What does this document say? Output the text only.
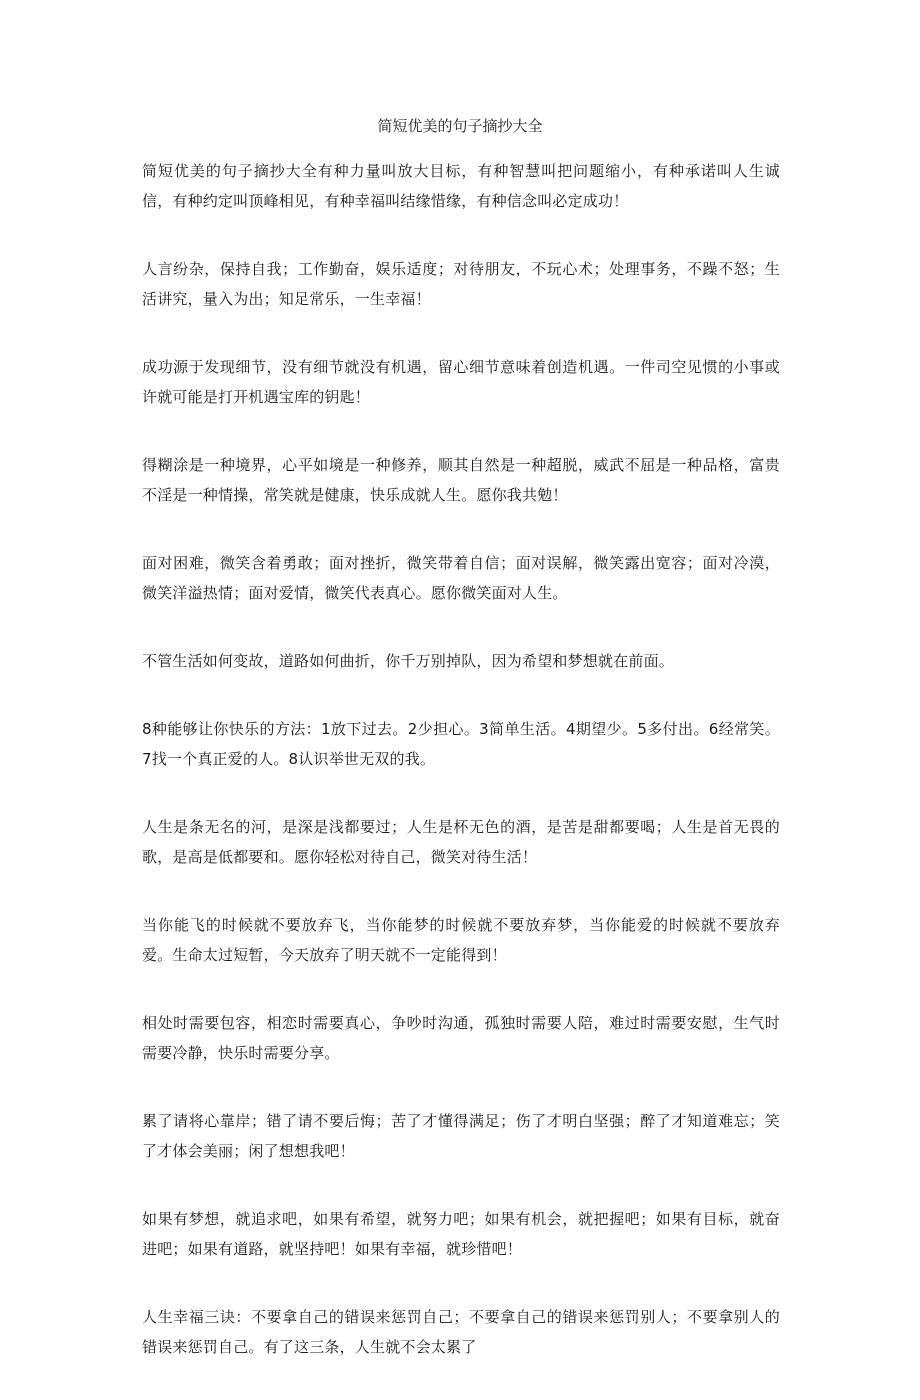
简短优美的句子摘抄大全

简短优美的句子摘抄大全有种力量叫放大目标，有种智慧叫把问题缩小，有种承诺叫人生诚信，有种约定叫顶峰相见，有种幸福叫结缘惜缘，有种信念叫必定成功！

人言纷杂，保持自我；工作勤奋，娱乐适度；对待朋友，不玩心术；处理事务，不躁不怒；生活讲究，量入为出；知足常乐，一生幸福！

成功源于发现细节，没有细节就没有机遇，留心细节意味着创造机遇。一件司空见惯的小事或许就可能是打开机遇宝库的钥匙！

得糊涂是一种境界，心平如境是一种修养，顺其自然是一种超脱，威武不屈是一种品格，富贵不淫是一种情操，常笑就是健康，快乐成就人生。愿你我共勉！

面对困难，微笑含着勇敢；面对挫折，微笑带着自信；面对误解，微笑露出宽容；面对冷漠，微笑洋溢热情；面对爱情，微笑代表真心。愿你微笑面对人生。

不管生活如何变故，道路如何曲折，你千万别掉队，因为希望和梦想就在前面。

8种能够让你快乐的方法：1放下过去。2少担心。3简单生活。4期望少。5多付出。6经常笑。7找一个真正爱的人。8认识举世无双的我。

人生是条无名的河，是深是浅都要过；人生是杯无色的酒，是苦是甜都要喝；人生是首无畏的歌，是高是低都要和。愿你轻松对待自己，微笑对待生活！

当你能飞的时候就不要放弃飞，当你能梦的时候就不要放弃梦，当你能爱的时候就不要放弃爱。生命太过短暂，今天放弃了明天就不一定能得到！

相处时需要包容，相恋时需要真心，争吵时沟通，孤独时需要人陪，难过时需要安慰，生气时需要冷静，快乐时需要分享。

累了请将心靠岸；错了请不要后悔；苦了才懂得满足；伤了才明白坚强；醉了才知道难忘；笑了才体会美丽；闲了想想我吧！

如果有梦想，就追求吧，如果有希望，就努力吧；如果有机会，就把握吧；如果有目标，就奋进吧；如果有道路，就坚持吧！如果有幸福，就珍惜吧！

人生幸福三诀：不要拿自己的错误来惩罚自己；不要拿自己的错误来惩罚别人；不要拿别人的错误来惩罚自己。有了这三条，人生就不会太累了
